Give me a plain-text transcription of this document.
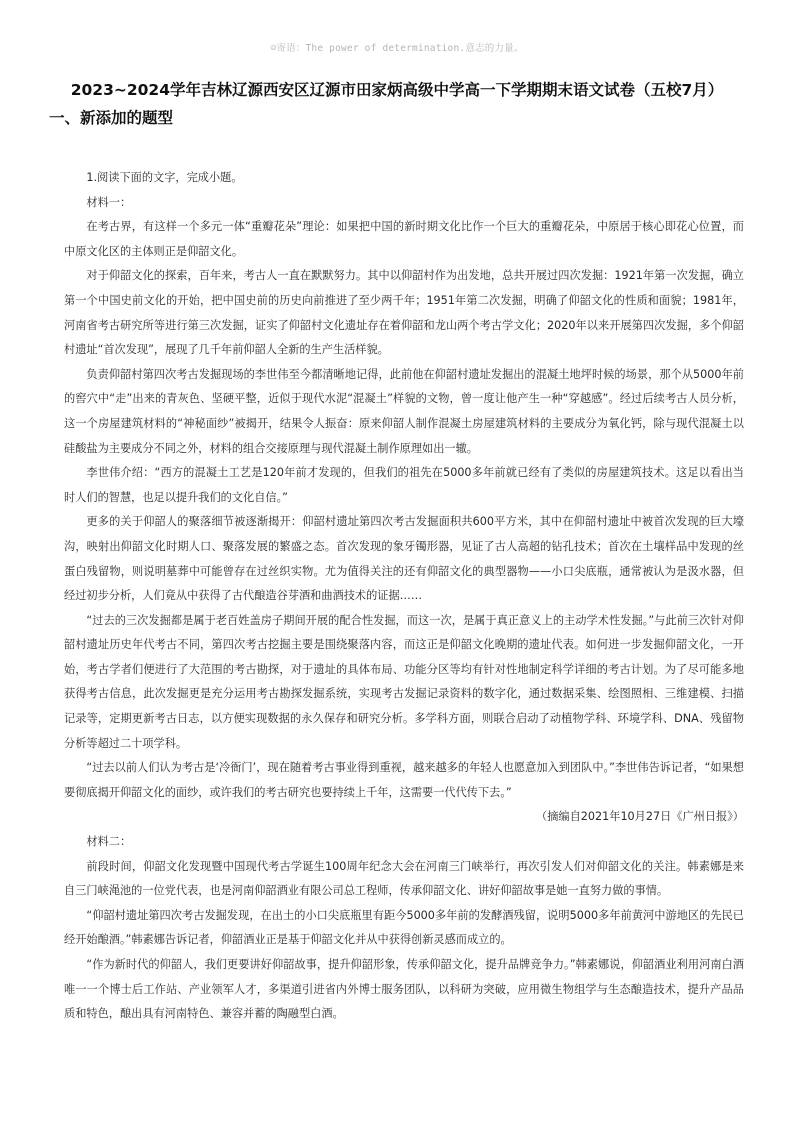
☺寄语：The power of determination.意志的力量。
2023~2024学年吉林辽源西安区辽源市田家炳高级中学高一下学期期末语文试卷（五校7月）
一、新添加的题型

1.阅读下面的文字，完成小题。

材料一：

在考古界，有这样一个多元一体“重瓣花朵”理论：如果把中国的新时期文化比作一个巨大的重瓣花朵，中原居于核心即花心位置，而中原文化区的主体则正是仰韶文化。

对于仰韶文化的探索，百年来，考古人一直在默默努力。其中以仰韶村作为出发地，总共开展过四次发掘：1921年第一次发掘，确立第一个中国史前文化的开始，把中国史前的历史向前推进了至少两千年；1951年第二次发掘，明确了仰韶文化的性质和面貌；1981年，河南省考古研究所等进行第三次发掘，证实了仰韶村文化遗址存在着仰韶和龙山两个考古学文化；2020年以来开展第四次发掘，多个仰韶村遗址“首次发现”，展现了几千年前仰韶人全新的生产生活样貌。

负责仰韶村第四次考古发掘现场的李世伟至今都清晰地记得，此前他在仰韶村遗址发掘出的混凝土地坪时候的场景，那个从5000年前的窖穴中“走”出来的青灰色、坚硬平整，近似于现代水泥“混凝土”样貌的文物，曾一度让他产生一种“穿越感”。经过后续考古人员分析，这一个房屋建筑材料的“神秘面纱”被揭开，结果令人振奋：原来仰韶人制作混凝土房屋建筑材料的主要成分为氧化钙，除与现代混凝土以硅酸盐为主要成分不同之外，材料的组合交接原理与现代混凝土制作原理如出一辙。

李世伟介绍：“西方的混凝土工艺是120年前才发现的，但我们的祖先在5000多年前就已经有了类似的房屋建筑技术。这足以看出当时人们的智慧，也足以提升我们的文化自信。”

更多的关于仰韶人的聚落细节被逐渐揭开：仰韶村遗址第四次考古发掘面积共600平方米，其中在仰韶村遗址中被首次发现的巨大壕沟，映射出仰韶文化时期人口、聚落发展的繁盛之态。首次发现的象牙镯形器，见证了古人高超的钻孔技术；首次在土壤样品中发现的丝蛋白残留物，则说明墓葬中可能曾存在过丝织实物。尤为值得关注的还有仰韶文化的典型器物——小口尖底瓶，通常被认为是汲水器，但经过初步分析，人们竟从中获得了古代酿造谷芽酒和曲酒技术的证据……

“过去的三次发掘都是属于老百姓盖房子期间开展的配合性发掘，而这一次，是属于真正意义上的主动学术性发掘。”与此前三次针对仰韶村遗址历史年代考古不同，第四次考古挖掘主要是围绕聚落内容，而这正是仰韶文化晚期的遗址代表。如何进一步发掘仰韶文化，一开始，考古学者们便进行了大范围的考古勘探，对于遗址的具体布局、功能分区等均有针对性地制定科学详细的考古计划。为了尽可能多地获得考古信息，此次发掘更是充分运用考古勘探发掘系统，实现考古发掘记录资料的数字化，通过数据采集、绘图照相、三维建模、扫描记录等，定期更新考古日志，以方便实现数据的永久保存和研究分析。多学科方面，则联合启动了动植物学科、环境学科、DNA、残留物分析等超过二十项学科。

“过去以前人们认为考古是‘冷衙门’，现在随着考古事业得到重视，越来越多的年轻人也愿意加入到团队中。”李世伟告诉记者，“如果想要彻底揭开仰韶文化的面纱，或许我们的考古研究也要持续上千年，这需要一代代传下去。”

（摘编自2021年10月27日《广州日报》）

材料二：

前段时间，仰韶文化发现暨中国现代考古学诞生100周年纪念大会在河南三门峡举行，再次引发人们对仰韶文化的关注。韩素娜是来自三门峡渑池的一位党代表，也是河南仰韶酒业有限公司总工程师，传承仰韶文化、讲好仰韶故事是她一直努力做的事情。

“仰韶村遗址第四次考古发掘发现，在出土的小口尖底瓶里有距今5000多年前的发酵酒残留，说明5000多年前黄河中游地区的先民已经开始酿酒。”韩素娜告诉记者，仰韶酒业正是基于仰韶文化并从中获得创新灵感而成立的。

“作为新时代的仰韶人，我们更要讲好仰韶故事，提升仰韶形象，传承仰韶文化，提升品牌竞争力。”韩素娜说，仰韶酒业利用河南白酒唯一一个博士后工作站、产业领军人才，多渠道引进省内外博士服务团队，以科研为突破，应用微生物组学与生态酿造技术，提升产品品质和特色，酿出具有河南特色、兼容并蓄的陶融型白酒。
